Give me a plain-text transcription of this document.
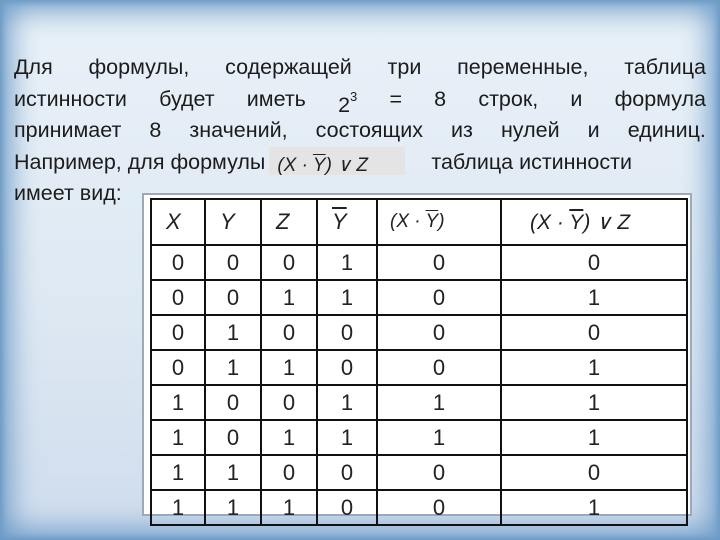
Для формулы, содержащей три переменные, таблица
истинности будет иметь $2^3 = 8$ строк, и формула
принимает 8 значений, состоящих из нулей и единиц.
Например, для формулы $(X \cdot \overline{Y})$ ∨ Z	таблица истинности
имеет вид:
X	Y	Z	$\overline{Y}$	$(X \cdot \overline{Y})$	$(X \cdot \overline{Y})$ ∨ Z
0	0	0	1	0	0
0	0	1	1	0	1
0	1	0	0	0	0
0	1	1	0	0	1
1	0	0	1	1	1
1	0	1	1	1	1
1	1	0	0	0	0
1	1	1	0	0	1
